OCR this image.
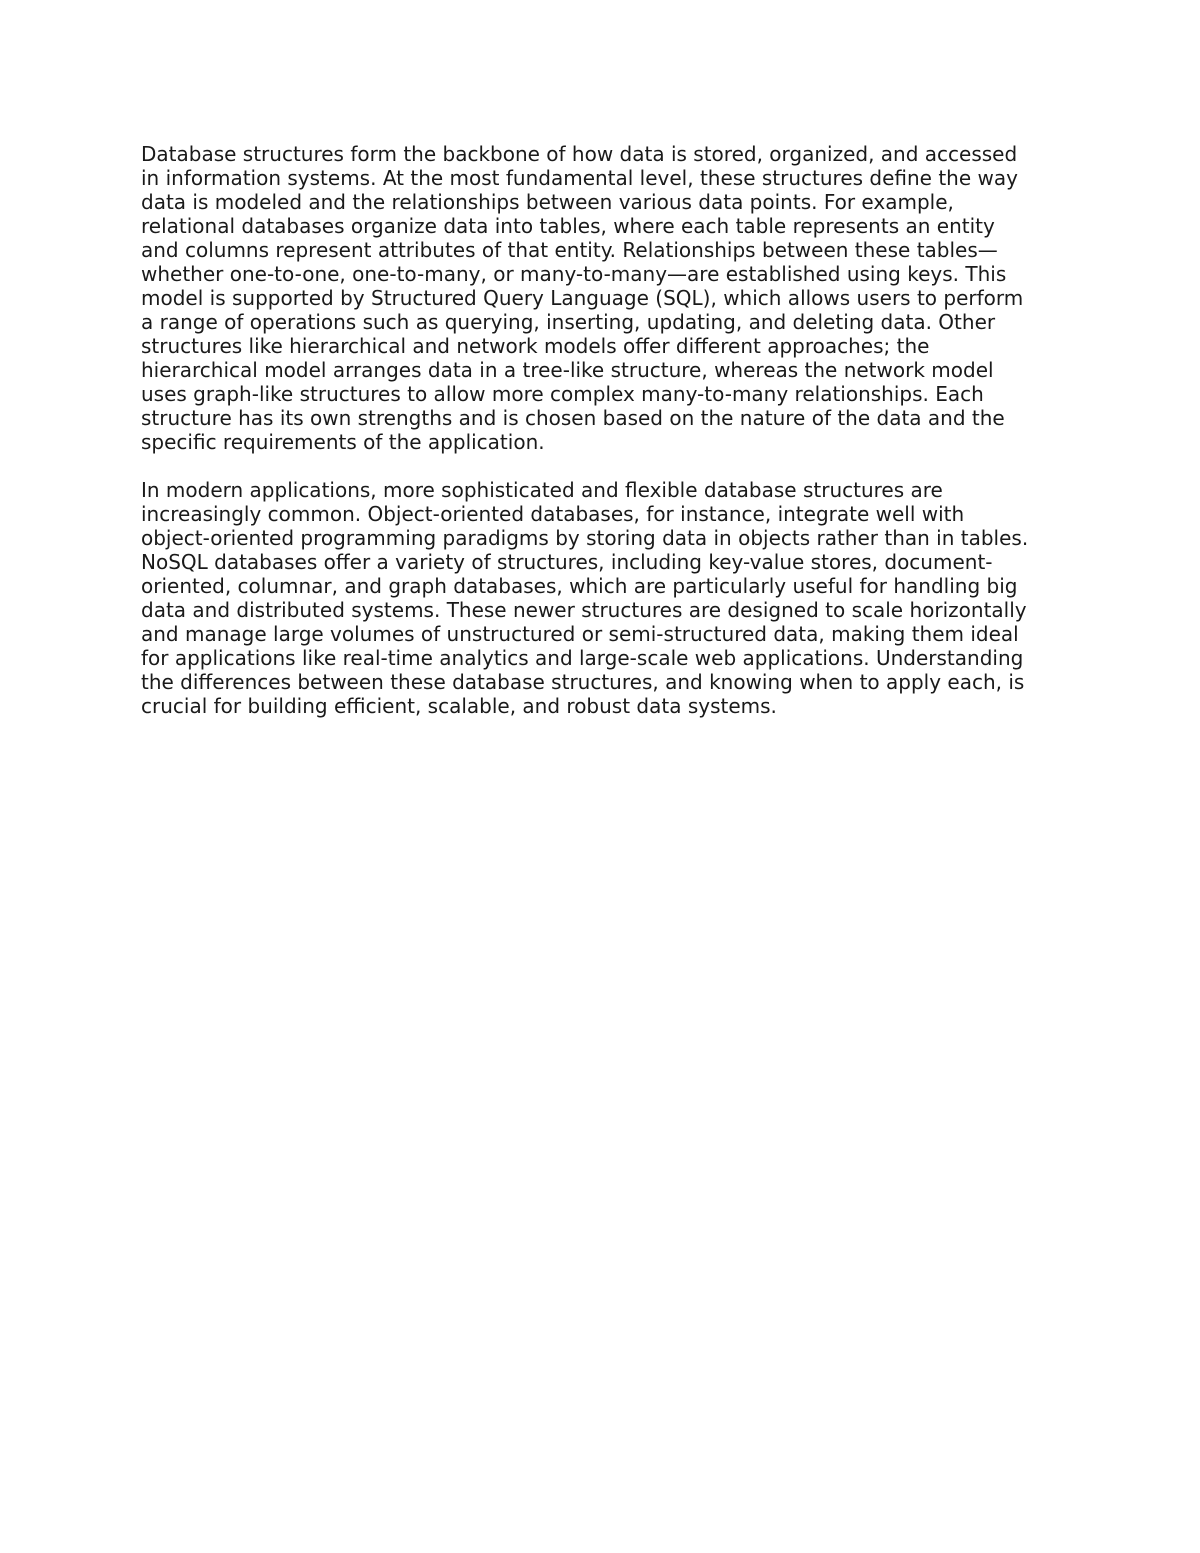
Database structures form the backbone of how data is stored, organized, and accessed
in information systems. At the most fundamental level, these structures define the way
data is modeled and the relationships between various data points. For example,
relational databases organize data into tables, where each table represents an entity
and columns represent attributes of that entity. Relationships between these tables—
whether one-to-one, one-to-many, or many-to-many—are established using keys. This
model is supported by Structured Query Language (SQL), which allows users to perform
a range of operations such as querying, inserting, updating, and deleting data. Other
structures like hierarchical and network models offer different approaches; the
hierarchical model arranges data in a tree-like structure, whereas the network model
uses graph-like structures to allow more complex many-to-many relationships. Each
structure has its own strengths and is chosen based on the nature of the data and the
specific requirements of the application.
In modern applications, more sophisticated and flexible database structures are
increasingly common. Object-oriented databases, for instance, integrate well with
object-oriented programming paradigms by storing data in objects rather than in tables.
NoSQL databases offer a variety of structures, including key-value stores, document-
oriented, columnar, and graph databases, which are particularly useful for handling big
data and distributed systems. These newer structures are designed to scale horizontally
and manage large volumes of unstructured or semi-structured data, making them ideal
for applications like real-time analytics and large-scale web applications. Understanding
the differences between these database structures, and knowing when to apply each, is
crucial for building efficient, scalable, and robust data systems.
